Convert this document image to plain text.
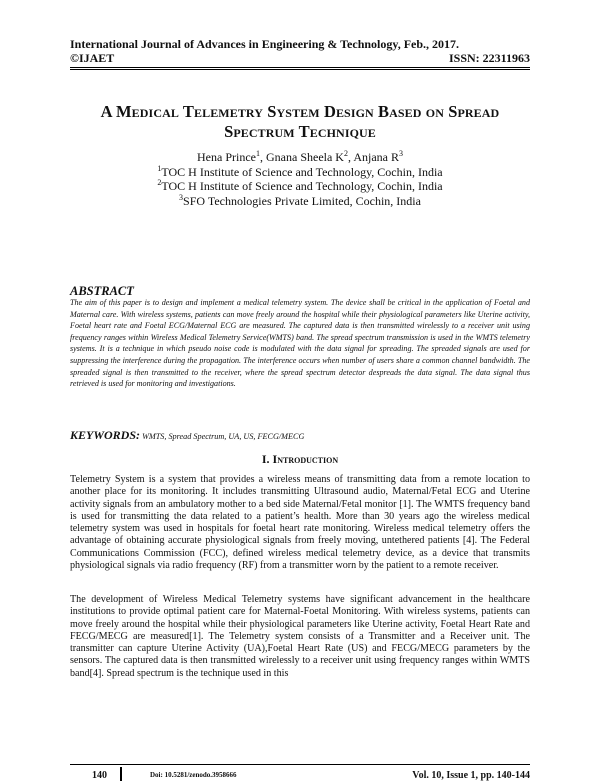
International Journal of Advances in Engineering & Technology, Feb., 2017.
©IJAET	ISSN: 22311963
A Medical Telemetry System Design Based on Spread
Spectrum Technique
Hena Prince$^1$, Gnana Sheela $K^2$, Anjana $R^3$
$^1$TOC H Institute of Science and Technology, Cochin, India
$^2$TOC H Institute of Science and Technology, Cochin, India
$^3$SFO Technologies Private Limited, Cochin, India
ABSTRACT
The aim of this paper is to design and implement a medical telemetry system. The device shall be critical in the application of Foetal and Maternal care. With wireless systems, patients can move freely around the hospital while their physiological parameters like Uterine activity, Foetal heart rate and Foetal ECG/Maternal ECG are measured. The captured data is then transmitted wirelessly to a receiver unit using frequency ranges within Wireless Medical Telemetry Service(WMTS) band. The spread spectrum transmission is used in the WMTS telemetry systems. It is a technique in which pseudo noise code is modulated with the data signal for spreading. The spreaded signals are used for suppressing the interference during the propagation. The interference occurs when number of users share a common channel bandwidth. The spreaded signal is then transmitted to the receiver, where the spread spectrum detector despreads the data signal. The data signal thus retrieved is used for monitoring and investigations.
KEYWORDS: WMTS, Spread Spectrum, UA, US, FECG/MECG
I. Introduction
Telemetry System is a system that provides a wireless means of transmitting data from a remote location to another place for its monitoring. It includes transmitting Ultrasound audio, Maternal/Fetal ECG and Uterine activity signals from an ambulatory mother to a bed side Maternal/Fetal monitor [1]. The WMTS frequency band is used for transmitting the data related to a patient’s health. More than 30 years ago the wireless medical telemetry system was used in hospitals for foetal heart rate monitoring. Wireless medical telemetry offers the advantage of obtaining accurate physiological signals from freely moving, untethered patients [4]. The Federal Communications Commission (FCC), defined wireless medical telemetry device, as a device that transmits physiological signals via radio frequency (RF) from a transmitter worn by the patient to a remote receiver.
The development of Wireless Medical Telemetry systems have significant advancement in the healthcare institutions to provide optimal patient care for Maternal-Foetal Monitoring. With wireless systems, patients can move freely around the hospital while their physiological parameters like Uterine activity, Foetal Heart Rate and FECG/MECG are measured[1]. The Telemetry system consists of a Transmitter and a Receiver unit. The transmitter can capture Uterine Activity (UA),Foetal Heart Rate (US) and FECG/MECG parameters by the sensors. The captured data is then transmitted wirelessly to a receiver unit using frequency ranges within WMTS band[4]. Spread spectrum is the technique used in this
140	Doi: 10.5281/zenodo.3958666	Vol. 10, Issue 1, pp. 140-144
